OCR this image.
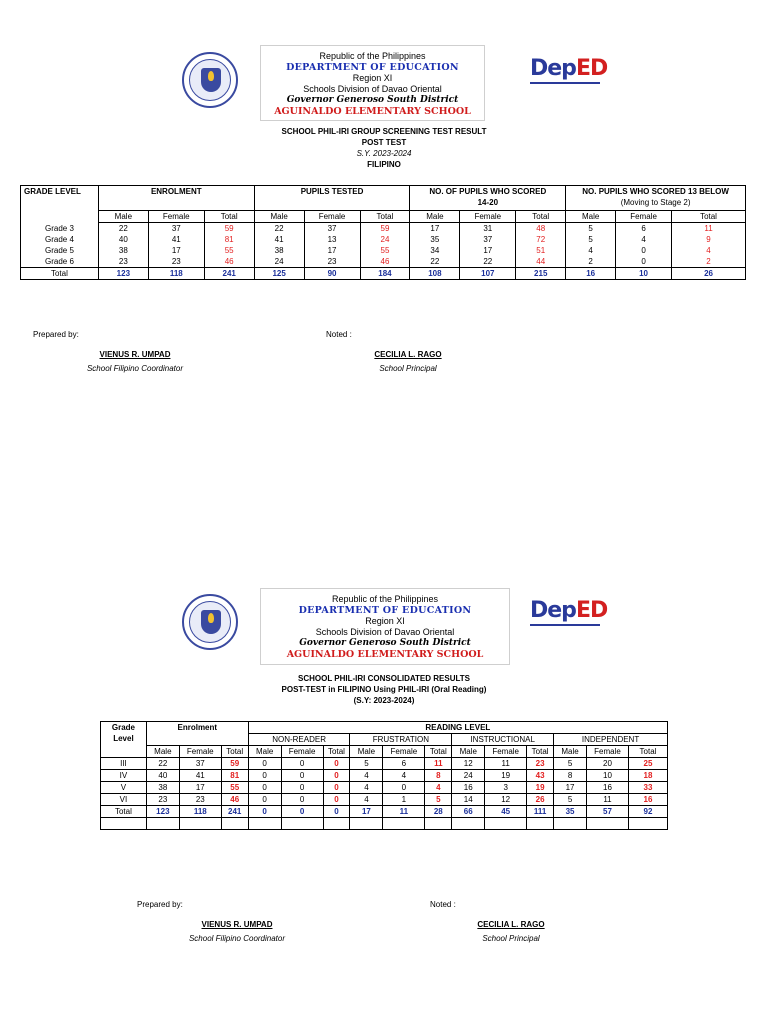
Republic of the Philippines
DEPARTMENT OF EDUCATION
Region XI
Schools Division of Davao Oriental
Governor Generoso South District
AGUINALDO ELEMENTARY SCHOOL
DepED
SCHOOL PHIL-IRI GROUP SCREENING TEST RESULT
POST TEST
S.Y. 2023-2024
FILIPINO
GRADE LEVEL	ENROLMENT			PUPILS TESTED			NO. OF PUPILS WHO SCORED
14-20			NO. PUPILS WHO SCORED 13 BELOW
(Moving to Stage 2)		
	Male	Female	Total	Male	Female	Total	Male	Female	Total	Male	Female	Total
Grade 3	22	37	59	22	37	59	17	31	48	5	6	11
Grade 4	40	41	81	41	13	24	35	37	72	5	4	9
Grade 5	38	17	55	38	17	55	34	17	51	4	0	4
Grade 6	23	23	46	24	23	46	22	22	44	2	0	2
Total	123	118	241	125	90	184	108	107	215	16	10	26
Prepared by:	Noted :
VIENUS R. UMPAD
School Filipino Coordinator
CECILIA L. RAGO
School Principal
Republic of the Philippines
DEPARTMENT OF EDUCATION
Region XI
Schools Division of Davao Oriental
Governor Generoso South District
AGUINALDO ELEMENTARY SCHOOL
DepED
SCHOOL PHIL-IRI CONSOLIDATED RESULTS
POST-TEST in FILIPINO Using PHIL-IRI (Oral Reading)
(S.Y: 2023-2024)
Grade
Level	Enrolment			READING LEVEL											
				NON-READER			FRUSTRATION			INSTRUCTIONAL			INDEPENDENT		
	Male	Female	Total	Male	Female	Total	Male	Female	Total	Male	Female	Total	Male	Female	Total
III	22	37	59	0	0	0	5	6	11	12	11	23	5	20	25
IV	40	41	81	0	0	0	4	4	8	24	19	43	8	10	18
V	38	17	55	0	0	0	4	0	4	16	3	19	17	16	33
VI	23	23	46	0	0	0	4	1	5	14	12	26	5	11	16
Total	123	118	241	0	0	0	17	11	28	66	45	111	35	57	92

Prepared by:	Noted :
VIENUS R. UMPAD
School Filipino Coordinator
CECILIA L. RAGO
School Principal
